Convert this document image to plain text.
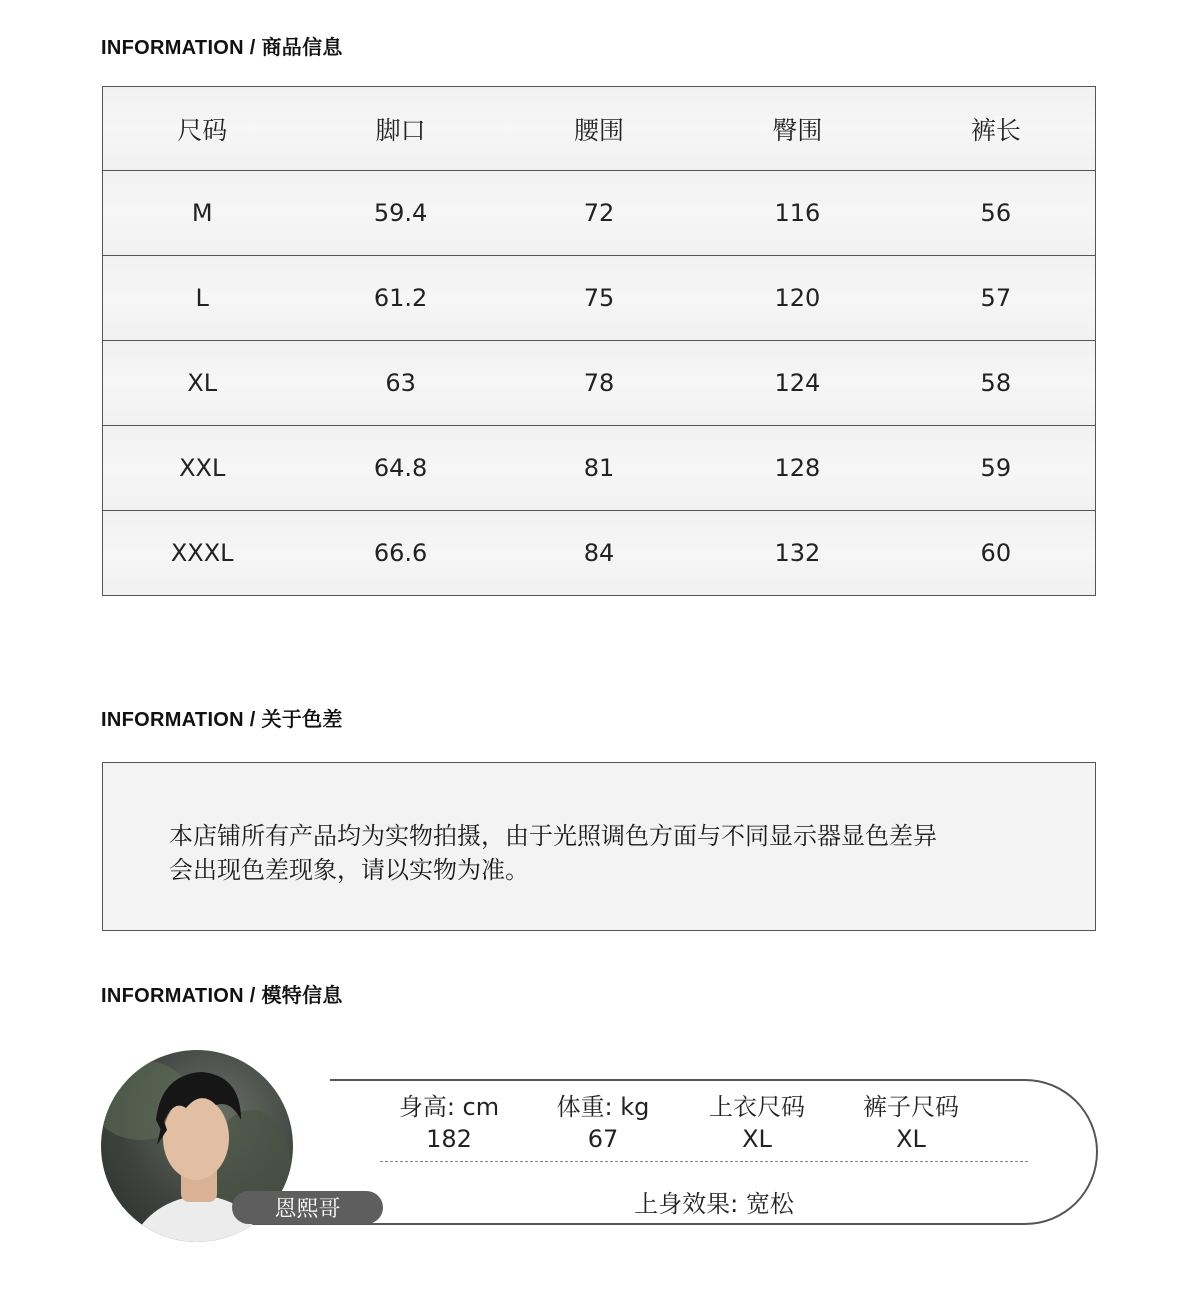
INFORMATION / 商品信息
尺码	脚口	腰围	臀围	裤长
M	59.4	72	116	56
L	61.2	75	120	57
XL	63	78	124	58
XXL	64.8	81	128	59
XXXL	66.6	84	132	60
INFORMATION / 关于色差
本店铺所有产品均为实物拍摄，由于光照调色方面与不同显示器显色差异
会出现色差现象，请以实物为准。
INFORMATION / 模特信息
恩熙哥
身高: cm
182
体重: kg
67
上衣尺码
XL
裤子尺码
XL
上身效果: 宽松
